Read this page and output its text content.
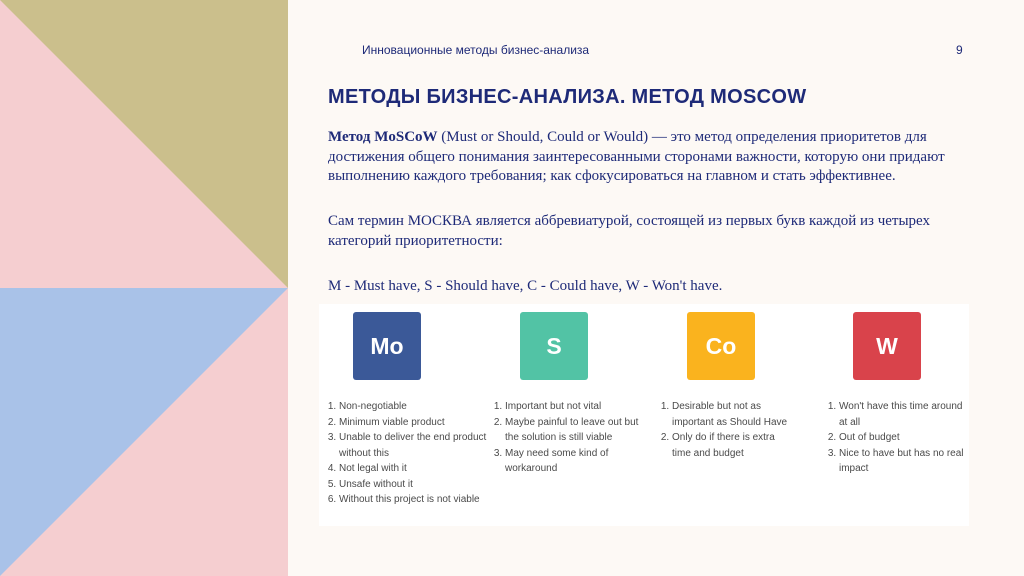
Инновационные методы бизнес-анализа	9
МЕТОДЫ БИЗНЕС-АНАЛИЗА. МЕТОД MOSCOW

Метод MoSCoW (Must or Should, Could or Would) — это метод определения приоритетов для достижения общего понимания заинтересованными сторонами важности, которую они придают выполнению каждого требования; как сфокусироваться на главном и стать эффективнее.

Сам термин МОСКВА является аббревиатурой, состоящей из первых букв каждой из четырех категорий приоритетности:

M - Must have, S - Should have, C - Could have, W - Won't have.

Mo
1. Non-negotiable
2. Minimum viable product
3. Unable to deliver the end product without this
4. Not legal with it
5. Unsafe without it
6. Without this project is not viable
S
1. Important but not vital
2. Maybe painful to leave out but the solution is still viable
3. May need some kind of workaround
Co
1. Desirable but not as important as Should Have
2. Only do if there is extra time and budget
W
1. Won't have this time around at all
2. Out of budget
3. Nice to have but has no real impact
